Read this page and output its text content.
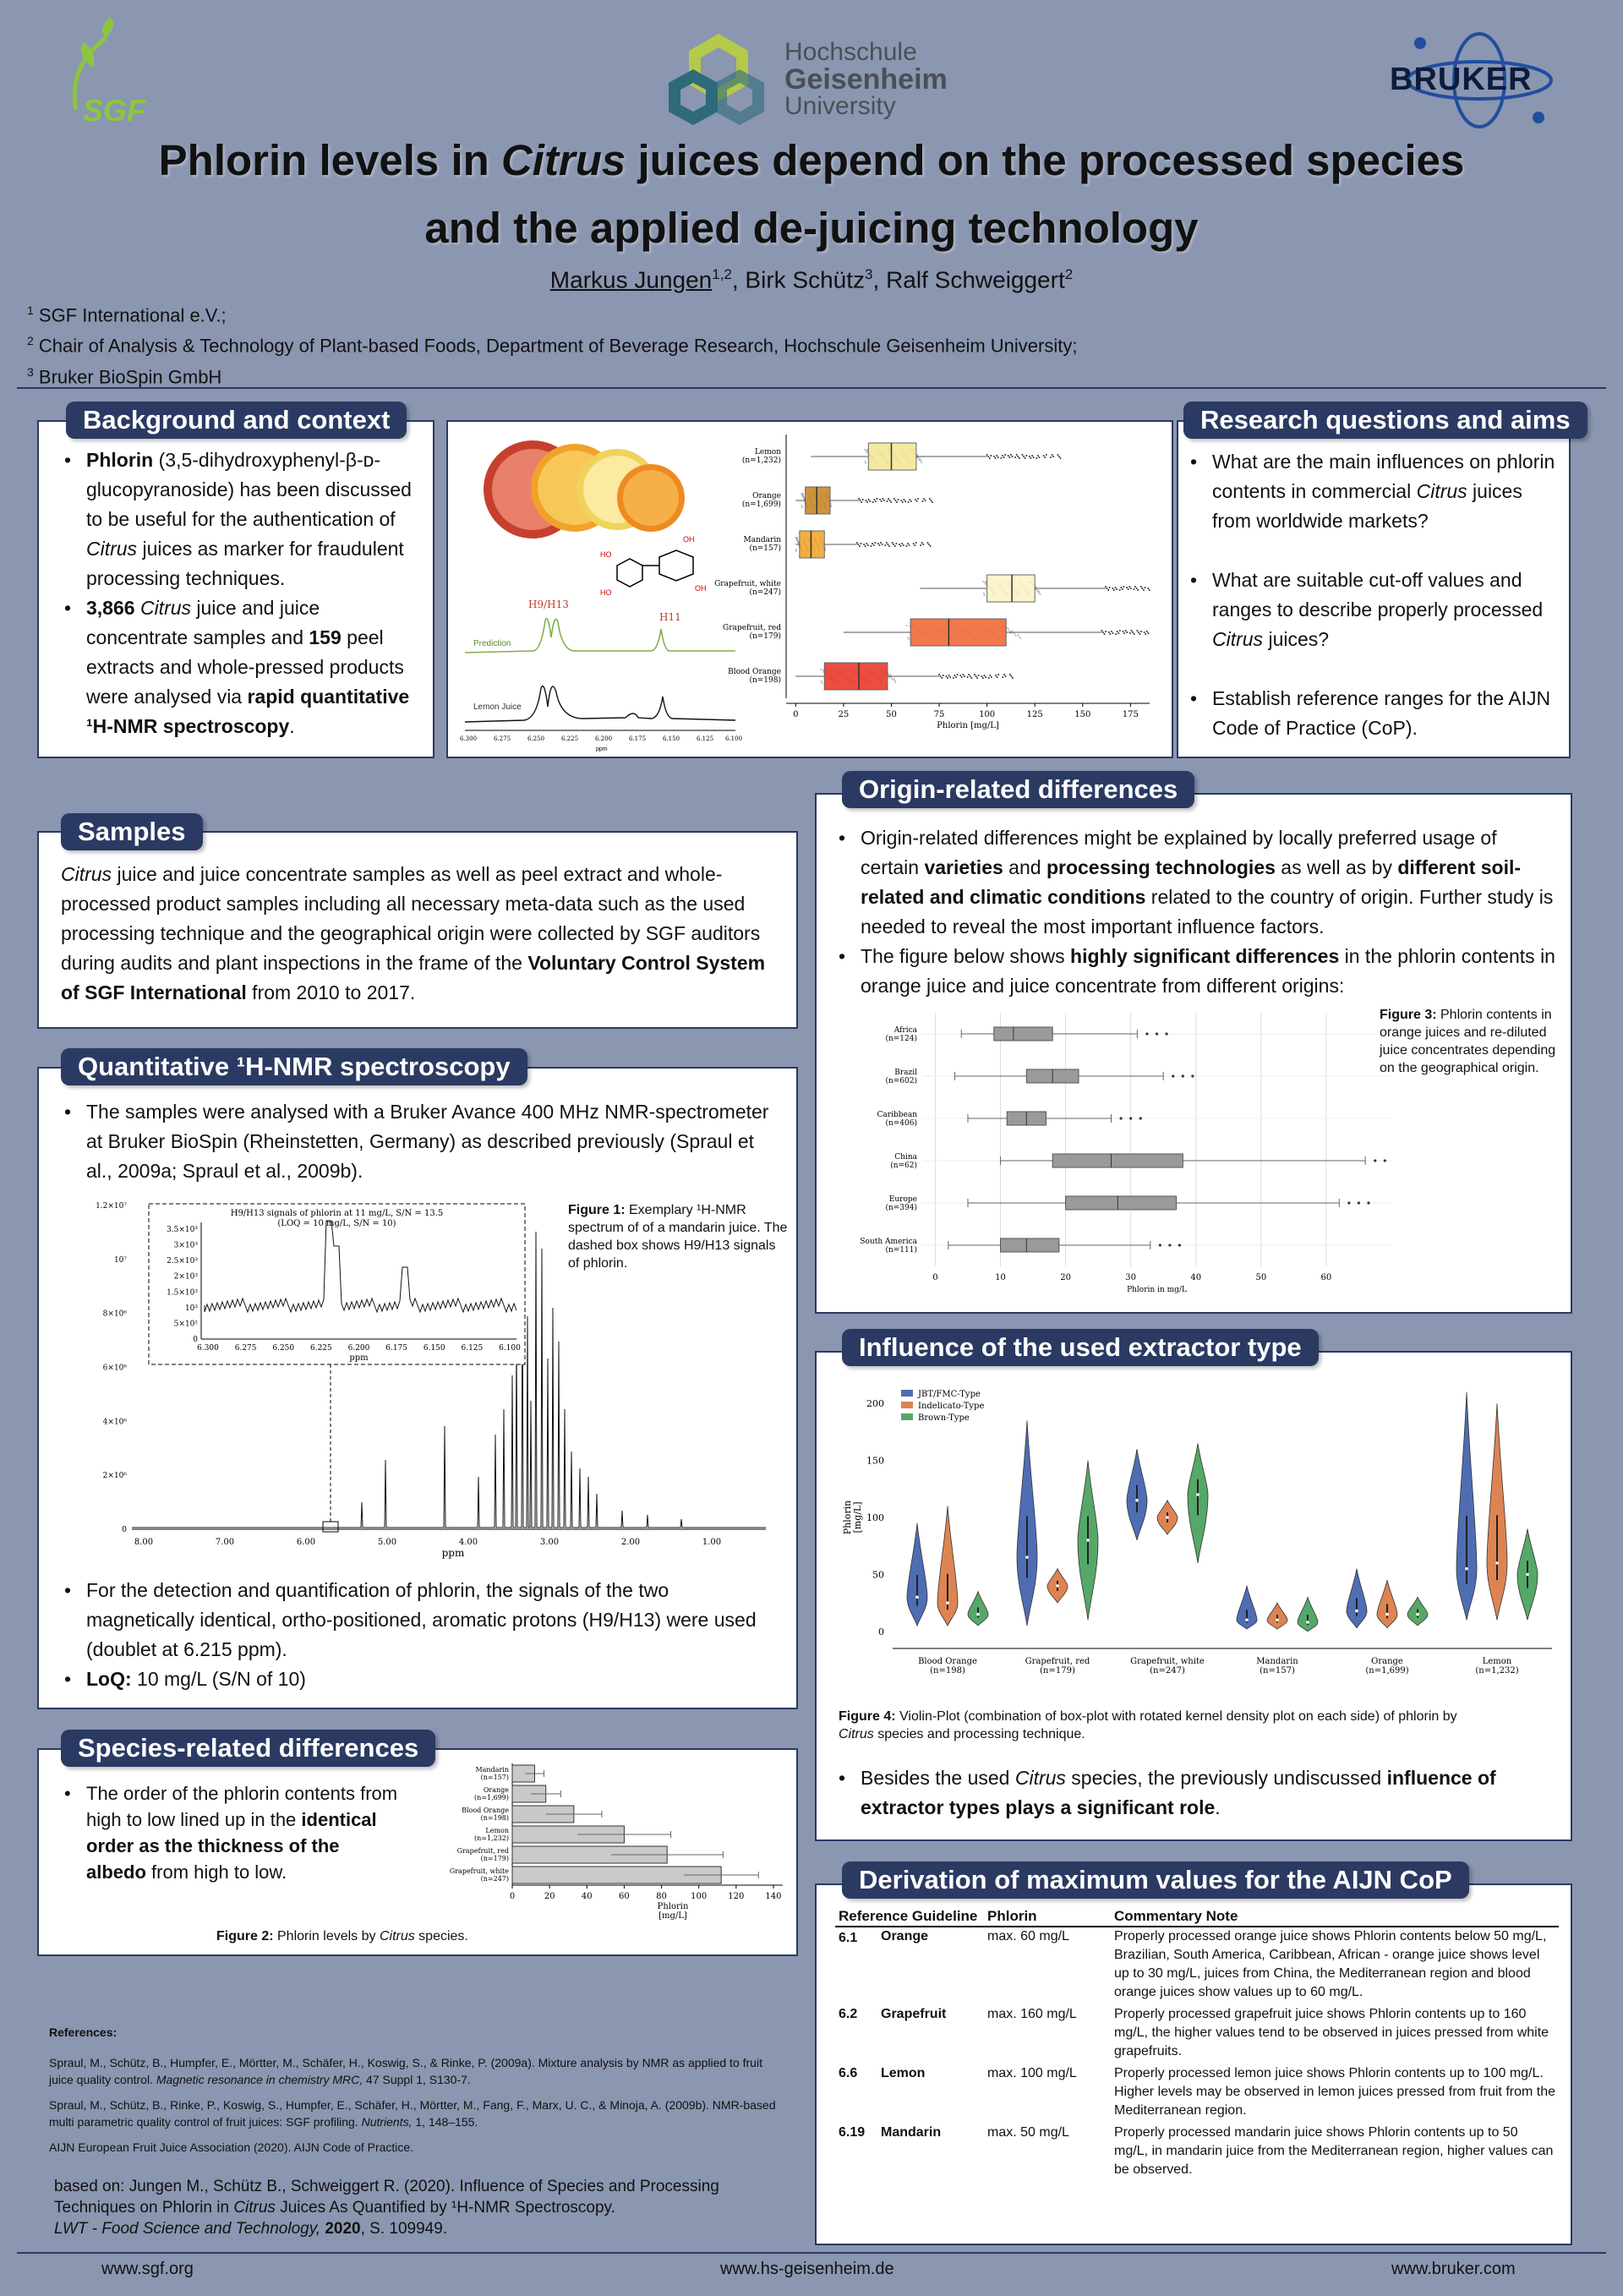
SGF
Hochschule
Geisenheim
University
BRUKER
Phlorin levels in Citrus juices depend on the processed species
and the applied de-juicing technology
Markus Jungen$^{1,2}$, Birk Schütz$^3$, Ralf Schweiggert$^2$
$^1$ SGF International e.V.;
$^2$ Chair of Analysis & Technology of Plant-based Foods, Department of Beverage Research, Hochschule Geisenheim University;
$^3$ Bruker BioSpin GmbH
• Phlorin (3,5-dihydroxyphenyl-β-ᴅ-glucopyranoside) has been discussed to be useful for the authentication of Citrus juices as marker for fraudulent processing techniques.
• 3,866 Citrus juice and juice concentrate samples and 159 peel extracts and whole-pressed products were analysed via rapid quantitative ¹H-NMR spectroscopy.
Background and context
HO
HO
OH
OH
H9/H13
H11
Prediction
Lemon Juice
6.300	6.275	6.250	6.225	6.200	6.175	6.150	6.125 6.100
ppm
Lemon (n=1,232)
Orange (n=1,699)
Mandarin (n=157)
Grapefruit, white (n=247)
Grapefruit, red (n=179)
Blood Orange (n=198)
0	25	50	75	100	125	150	175
Phlorin [mg/L]
• What are the main influences on phlorin contents in commercial Citrus juices from worldwide markets?
• What are suitable cut-off values and ranges to describe properly processed Citrus juices?
• Establish reference ranges for the AIJN Code of Practice (CoP).
Research questions and aims

Citrus juice and juice concentrate samples as well as peel extract and whole-processed product samples including all necessary meta-data such as the used processing technique and the geographical origin were collected by SGF auditors during audits and plant inspections in the frame of the Voluntary Control System of SGF International from 2010 to 2017.

Samples
• The samples were analysed with a Bruker Avance 400 MHz NMR-spectrometer at Bruker BioSpin (Rheinstetten, Germany) as described previously (Spraul et al., 2009a; Spraul et al., 2009b).
1.2×10⁷
10⁷
8×10⁶
6×10⁶
4×10⁶
2×10⁶
0
8.00	7.00	6.00	5.00	4.00	3.00	2.00	1.00
ppm
H9/H13 signals of phlorin at 11 mg/L, S/N = 13.5
(LOQ = 10 mg/L, S/N = 10)
3.5×10³
3×10³
2.5×10³
2×10³
1.5×10³
10³
5×10²
0
6.300 6.275 6.250 6.225 6.200 6.175 6.150 6.125 6.100
ppm

Figure 1: Exemplary ¹H-NMR spectrum of of a mandarin juice. The dashed box shows H9/H13 signals of phlorin.

• For the detection and quantification of phlorin, the signals of the two magnetically identical, ortho-positioned, aromatic protons (H9/H13) were used (doublet at 6.215 ppm).
• LoQ: 10 mg/L (S/N of 10)
Quantitative ¹H-NMR spectroscopy
• The order of the phlorin contents from high to low lined up in the identical order as the thickness of the albedo from high to low.
Mandarin (n=157)
Orange (n=1,699)
Blood Orange (n=198)
Lemon (n=1,232)
Grapefruit, red (n=179)
Grapefruit, white (n=247)
0	20	40	60	80	100	120	140
Phlorin
[mg/L]

Figure 2: Phlorin levels by Citrus species.

Species-related differences
References:

Spraul, M., Schütz, B., Humpfer, E., Mörtter, M., Schäfer, H., Koswig, S., & Rinke, P. (2009a). Mixture analysis by NMR as applied to fruit juice quality control. Magnetic resonance in chemistry MRC, 47 Suppl 1, S130-7.

Spraul, M., Schütz, B., Rinke, P., Koswig, S., Humpfer, E., Schäfer, H., Mörtter, M., Fang, F., Marx, U. C., & Minoja, A. (2009b). NMR-based multi parametric quality control of fruit juices: SGF profiling. Nutrients, 1, 148–155.

AIJN European Fruit Juice Association (2020). AIJN Code of Practice.

based on: Jungen M., Schütz B., Schweiggert R. (2020). Influence of Species and Processing Techniques on Phlorin in Citrus Juices As Quantified by ¹H-NMR Spectroscopy.
LWT - Food Science and Technology, 2020, S. 109949.
• Origin-related differences might be explained by locally preferred usage of certain varieties and processing technologies as well as by different soil-related and climatic conditions related to the country of origin. Further study is needed to reveal the most important influence factors.
• The figure below shows highly significant differences in the phlorin contents in orange juice and juice concentrate from different origins:
Africa (n=124)
Brazil (n=602)
Caribbean (n=406)
China (n=62)
Europe (n=394)
South America (n=111)
0	10	20	30	40	50	60
Phlorin in mg/L

Figure 3: Phlorin contents in orange juices and re-diluted juice concentrates depending on the geographical origin.

Origin-related differences
0
50
100
150
200
Phlorin[mg/L]
JBT/FMC-Type
Indelicato-Type
Brown-Type
Blood Orange (n=198)
Grapefruit, red (n=179)
Grapefruit, white (n=247)
Mandarin (n=157)
Orange (n=1,699)
Lemon (n=1,232)

Figure 4: Violin-Plot (combination of box-plot with rotated kernel density plot on each side) of phlorin by Citrus species and processing technique.

• Besides the used Citrus species, the previously undiscussed influence of extractor types plays a significant role.
Influence of the used extractor type
Reference Guideline		Phlorin	Commentary Note
6.1	Orange	max. 60 mg/L	Properly processed orange juice shows Phlorin contents below 50 mg/L, Brazilian, South America, Caribbean, African - orange juice shows level up to 30 mg/L, juices from China, the Mediterranean region and blood orange juices show values up to 60 mg/L.
6.2	Grapefruit	max. 160 mg/L	Properly processed grapefruit juice shows Phlorin contents up to 160 mg/L, the higher values tend to be observed in juices pressed from white grapefruits.
6.6	Lemon	max. 100 mg/L	Properly processed lemon juice shows Phlorin contents up to 100 mg/L. Higher levels may be observed in lemon juices pressed from fruit from the Mediterranean region.
6.19	Mandarin	max. 50 mg/L	Properly processed mandarin juice shows Phlorin contents up to 50 mg/L, in mandarin juice from the Mediterranean region, higher values can be observed.
Derivation of maximum values for the AIJN CoP
www.sgf.org	www.hs-geisenheim.de	www.bruker.com
